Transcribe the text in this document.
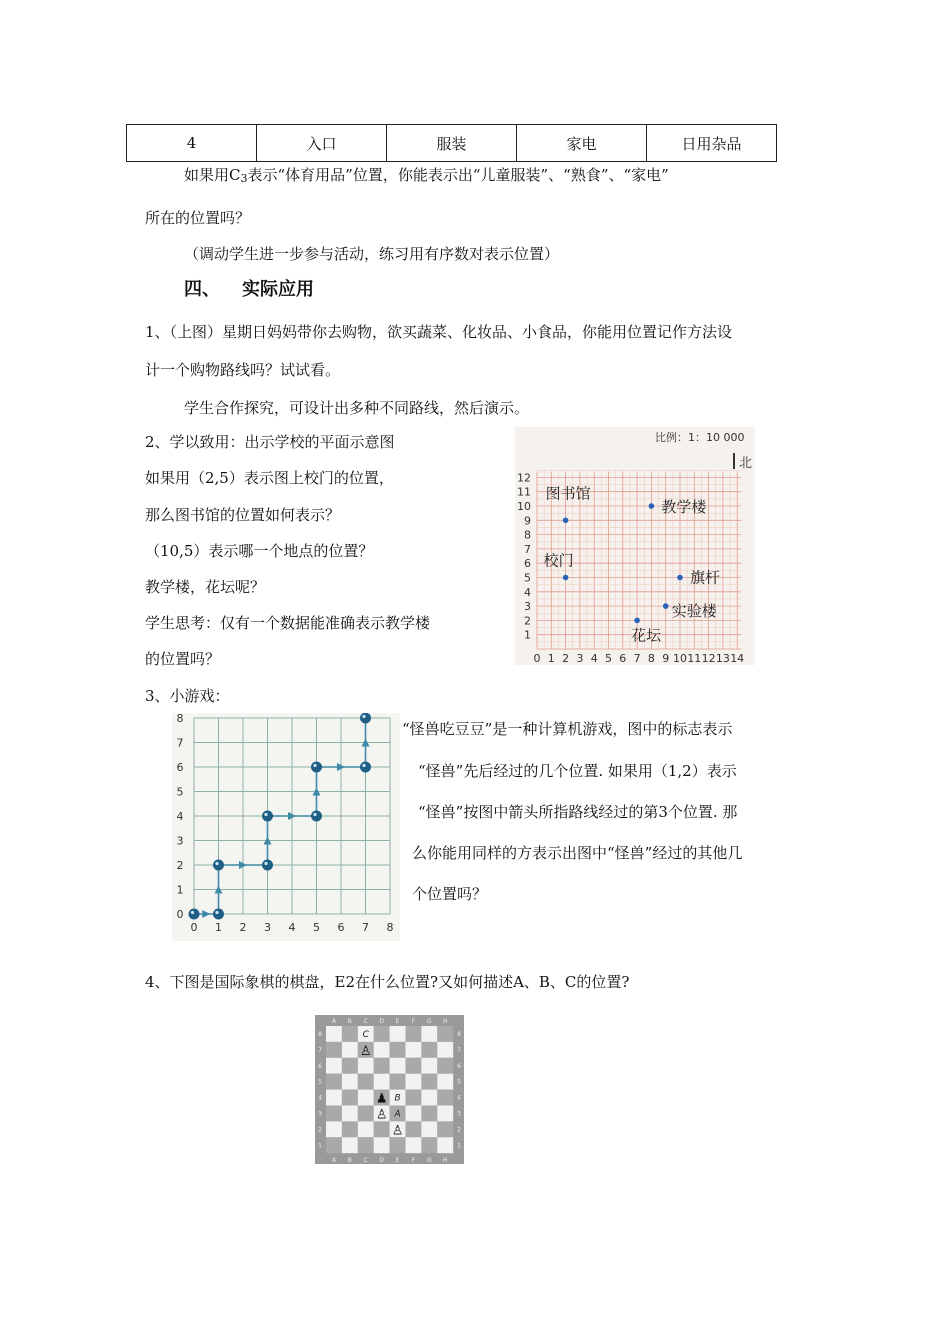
4	入口	服装	家电	日用杂品
如果用$C_3$表示“体育用品”位置，你能表示出“儿童服装”、“熟食”、“家电”
所在的位置吗？
（调动学生进一步参与活动，练习用有序数对表示位置）
四、 实际应用
1、（上图）星期日妈妈带你去购物，欲买蔬菜、化妆品、小食品，你能用位置记作方法设
计一个购物路线吗？试试看。
学生合作探究，可设计出多种不同路线，然后演示。
2、学以致用：出示学校的平面示意图
如果用（2,5）表示图上校门的位置，
那么图书馆的位置如何表示？
（10,5）表示哪一个地点的位置？
教学楼，花坛呢？
学生思考：仅有一个数据能准确表示教学楼
的位置吗？
1
2
3
4
5
6
7
8
9
10
11
12
0 1 2 3 4 5 6 7 8 9 10 11 12 13 14
比例：1：10 000
北
图书馆
教学楼
校门
旗杆
实验楼
花坛
3、小游戏：
0 1 2 3 4 5 6 7 8
0
1
2
3
4
5
6
7
8
“怪兽吃豆豆”是一种计算机游戏，图中的标志表示
“怪兽”先后经过的几个位置. 如果用（1,2）表示
“怪兽”按图中箭头所指路线经过的第3个位置. 那
么你能用同样的方表示出图中“怪兽”经过的其他几
个位置吗？
4、下图是国际象棋的棋盘，E2在什么位置?又如何描述A、B、C的位置?
A
A
B
B
C
C
D
D
E
E
F
F
G
G
H
H
1	1
2	2
3	3
4	4
5	5
6	6
7	7
8	8
C
B
A
♙
♟
♙
♙
